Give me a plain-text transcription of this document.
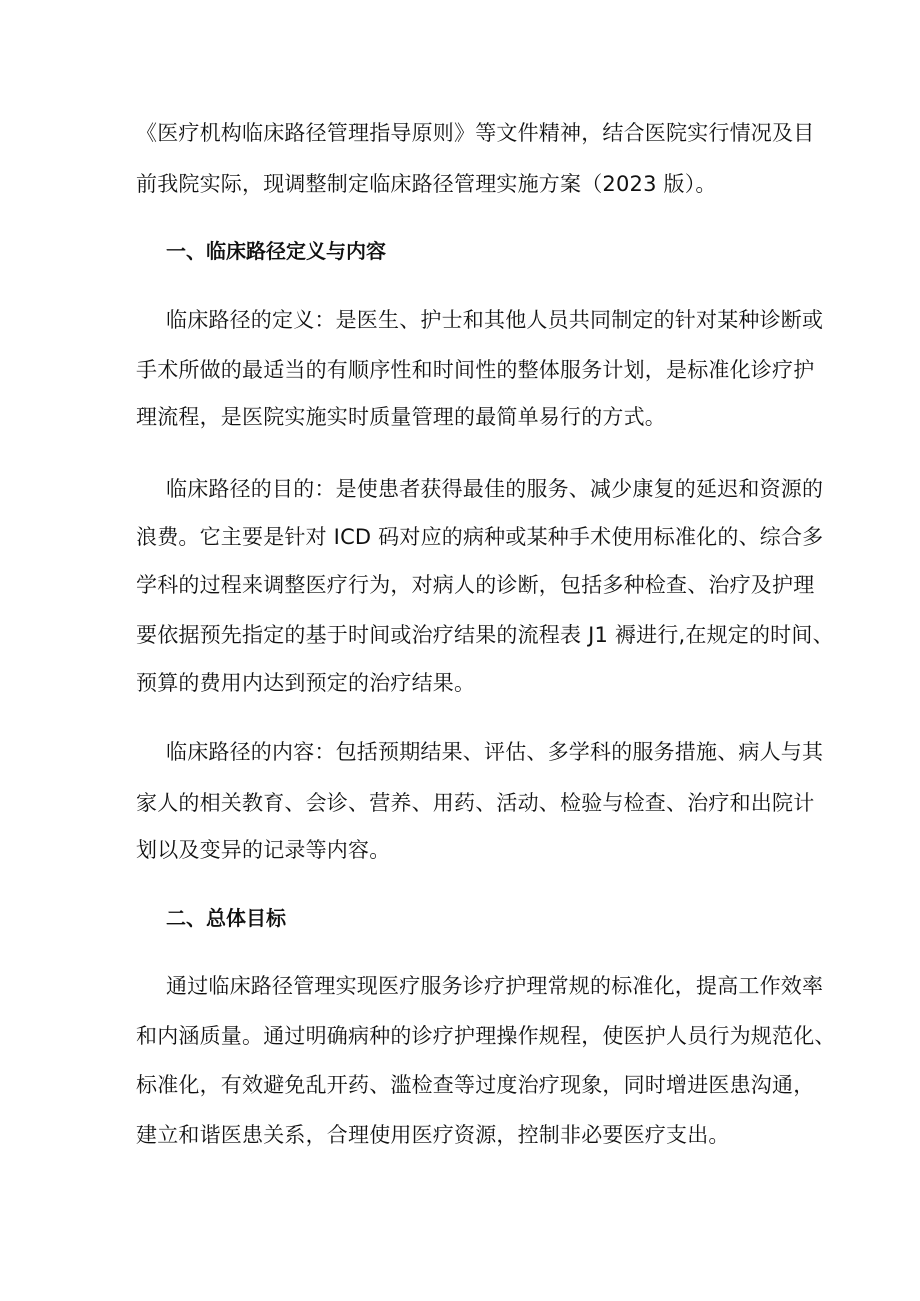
《医疗机构临床路径管理指导原则》等文件精神，结合医院实行情况及目
前我院实际，现调整制定临床路径管理实施方案（2023 版）。
一、临床路径定义与内容
临床路径的定义：是医生、护士和其他人员共同制定的针对某种诊断或
手术所做的最适当的有顺序性和时间性的整体服务计划，是标准化诊疗护
理流程，是医院实施实时质量管理的最简单易行的方式。
临床路径的目的：是使患者获得最佳的服务、减少康复的延迟和资源的
浪费。它主要是针对 ICD 码对应的病种或某种手术使用标准化的、综合多
学科的过程来调整医疗行为，对病人的诊断，包括多种检查、治疗及护理
要依据预先指定的基于时间或治疗结果的流程表 J1 褥进行,在规定的时间、
预算的费用内达到预定的治疗结果。
临床路径的内容：包括预期结果、评估、多学科的服务措施、病人与其
家人的相关教育、会诊、营养、用药、活动、检验与检查、治疗和出院计
划以及变异的记录等内容。
二、总体目标
通过临床路径管理实现医疗服务诊疗护理常规的标准化，提高工作效率
和内涵质量。通过明确病种的诊疗护理操作规程，使医护人员行为规范化、
标准化，有效避免乱开药、滥检查等过度治疗现象，同时增进医患沟通，
建立和谐医患关系，合理使用医疗资源，控制非必要医疗支出。
